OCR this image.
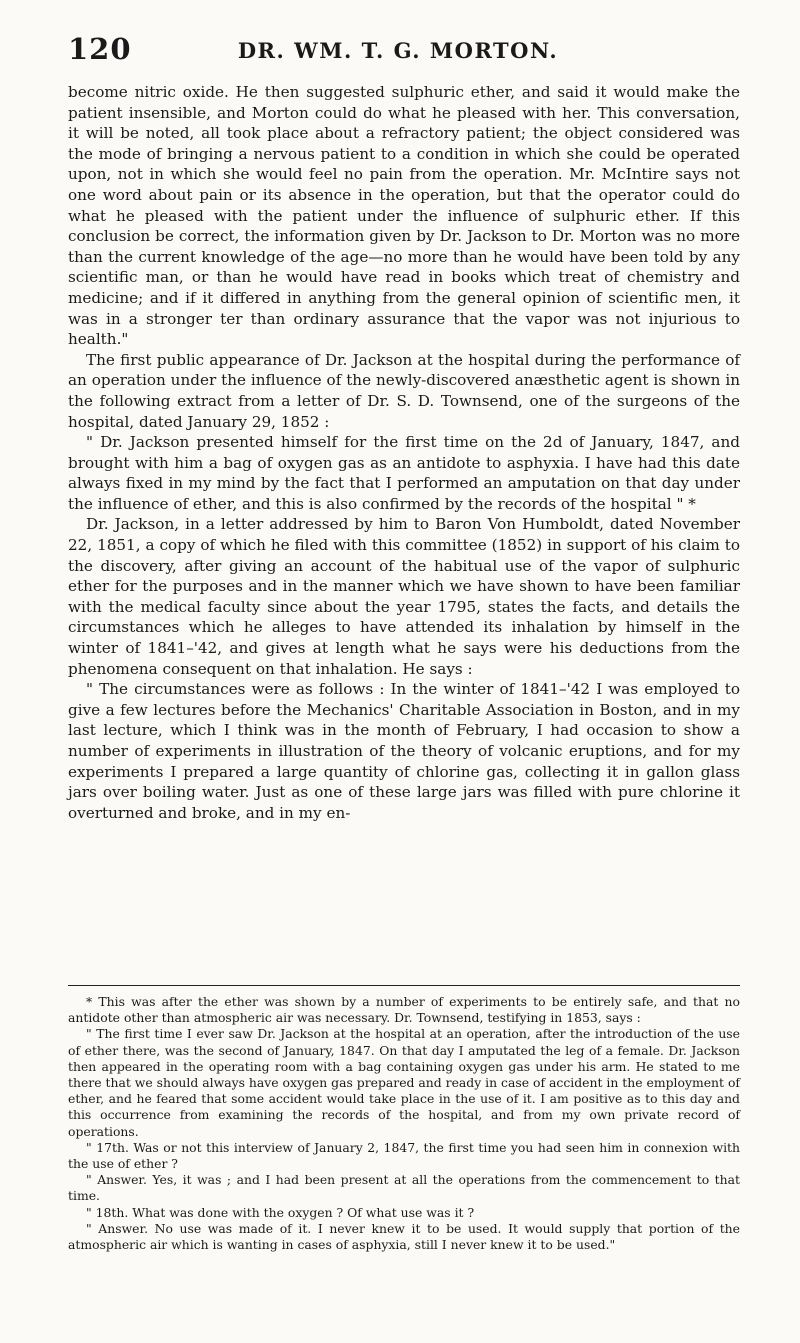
120	DR. WM. T. G. MORTON.

become nitric oxide. He then suggested sulphuric ether, and said it would make the patient insensible, and Morton could do what he pleased with her. This conversation, it will be noted, all took place about a refractory patient; the object considered was the mode of bringing a nervous patient to a condition in which she could be operated upon, not in which she would feel no pain from the operation. Mr. McIntire says not one word about pain or its absence in the operation, but that the operator could do what he pleased with the patient under the influence of sulphuric ether. If this conclusion be correct, the information given by Dr. Jackson to Dr. Morton was no more than the current knowledge of the age—no more than he would have been told by any scientific man, or than he would have read in books which treat of chemistry and medicine; and if it differed in anything from the general opinion of scientific men, it was in a stronger ter than ordinary assurance that the vapor was not injurious to health."

The first public appearance of Dr. Jackson at the hospital during the performance of an operation under the influence of the newly-discovered anæsthetic agent is shown in the following extract from a letter of Dr. S. D. Townsend, one of the surgeons of the hospital, dated January 29, 1852 :

" Dr. Jackson presented himself for the first time on the 2d of January, 1847, and brought with him a bag of oxygen gas as an antidote to asphyxia. I have had this date always fixed in my mind by the fact that I performed an amputation on that day under the influence of ether, and this is also confirmed by the records of the hospital " *

Dr. Jackson, in a letter addressed by him to Baron Von Humboldt, dated November 22, 1851, a copy of which he filed with this committee (1852) in support of his claim to the discovery, after giving an account of the habitual use of the vapor of sulphuric ether for the purposes and in the manner which we have shown to have been familiar with the medical faculty since about the year 1795, states the facts, and details the circumstances which he alleges to have attended its inhalation by himself in the winter of 1841–'42, and gives at length what he says were his deductions from the phenomena consequent on that inhalation. He says :

" The circumstances were as follows : In the winter of 1841–'42 I was employed to give a few lectures before the Mechanics' Charitable Association in Boston, and in my last lecture, which I think was in the month of February, I had occasion to show a number of experiments in illustration of the theory of volcanic eruptions, and for my experiments I prepared a large quantity of chlorine gas, collecting it in gallon glass jars over boiling water. Just as one of these large jars was filled with pure chlorine it overturned and broke, and in my en-

* This was after the ether was shown by a number of experiments to be entirely safe, and that no antidote other than atmospheric air was necessary. Dr. Townsend, testifying in 1853, says :

" The first time I ever saw Dr. Jackson at the hospital at an operation, after the introduction of the use of ether there, was the second of January, 1847. On that day I amputated the leg of a female. Dr. Jackson then appeared in the operating room with a bag containing oxygen gas under his arm. He stated to me there that we should always have oxygen gas prepared and ready in case of accident in the employment of ether, and he feared that some accident would take place in the use of it. I am positive as to this day and this occurrence from examining the records of the hospital, and from my own private record of operations.

" 17th. Was or not this interview of January 2, 1847, the first time you had seen him in connexion with the use of ether ?

" Answer. Yes, it was ; and I had been present at all the operations from the commencement to that time.

" 18th. What was done with the oxygen ? Of what use was it ?

" Answer. No use was made of it. I never knew it to be used. It would supply that portion of the atmospheric air which is wanting in cases of asphyxia, still I never knew it to be used."
